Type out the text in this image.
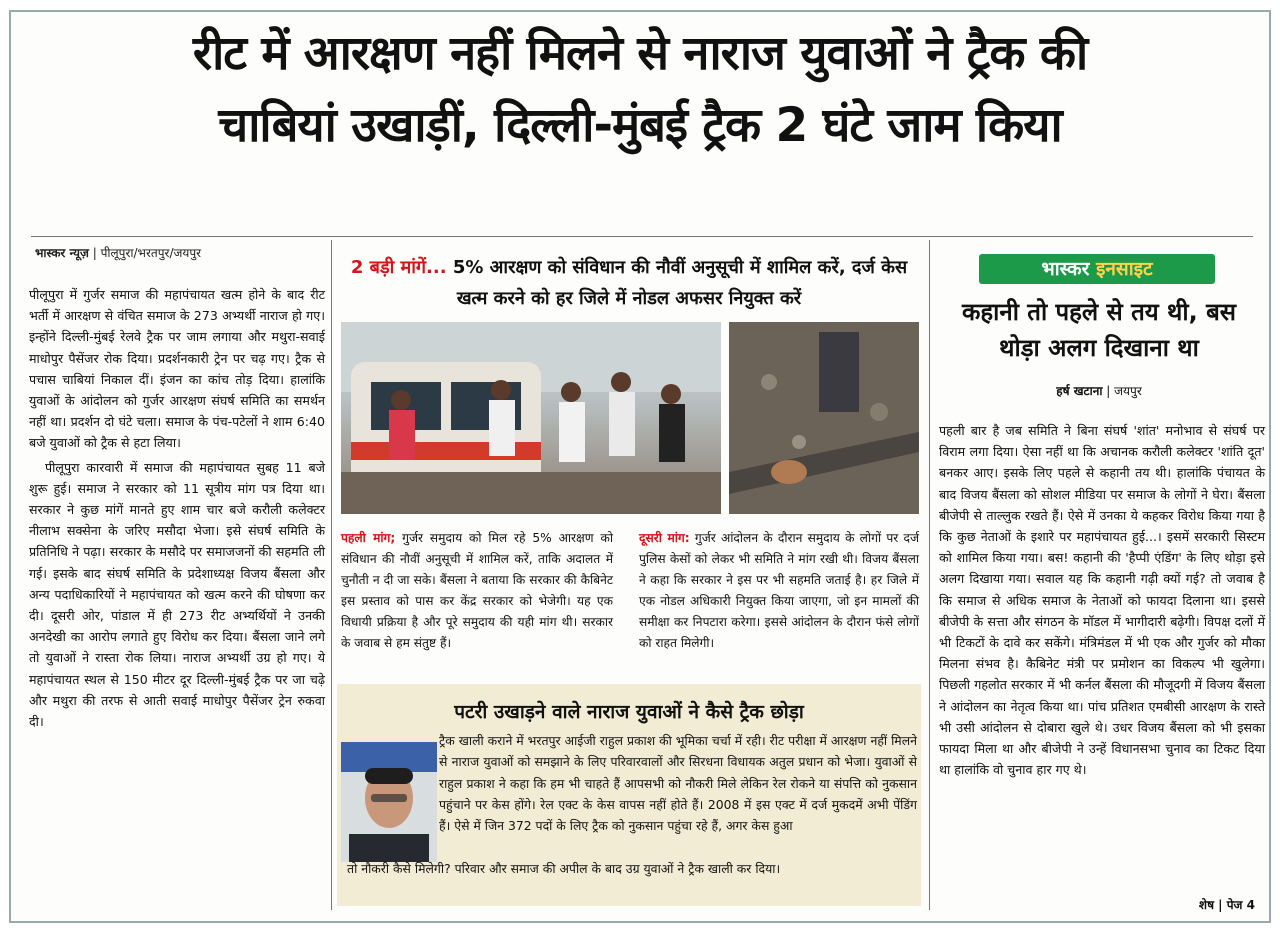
रीट में आरक्षण नहीं मिलने से नाराज युवाओं ने ट्रैक की
चाबियां उखाड़ीं, दिल्ली-मुंबई ट्रैक 2 घंटे जाम किया
भास्कर न्यूज़ | पीलूपुरा/भरतपुर/जयपुर

पीलूपुरा में गुर्जर समाज की महापंचायत खत्म होने के बाद रीट भर्ती में आरक्षण से वंचित समाज के 273 अभ्यर्थी नाराज हो गए। इन्होंने दिल्ली-मुंबई रेलवे ट्रैक पर जाम लगाया और मथुरा-सवाई माधोपुर पैसेंजर रोक दिया। प्रदर्शनकारी ट्रेन पर चढ़ गए। ट्रैक से पचास चाबियां निकाल दीं। इंजन का कांच तोड़ दिया। हालांकि युवाओं के आंदोलन को गुर्जर आरक्षण संघर्ष समिति का समर्थन नहीं था। प्रदर्शन दो घंटे चला। समाज के पंच-पटेलों ने शाम 6:40 बजे युवाओं को ट्रैक से हटा लिया।

पीलूपुरा कारवारी में समाज की महापंचायत सुबह 11 बजे शुरू हुई। समाज ने सरकार को 11 सूत्रीय मांग पत्र दिया था। सरकार ने कुछ मांगें मानते हुए शाम चार बजे करौली कलेक्टर नीलाभ सक्सेना के जरिए मसौदा भेजा। इसे संघर्ष समिति के प्रतिनिधि ने पढ़ा। सरकार के मसौदे पर समाजजनों की सहमति ली गई। इसके बाद संघर्ष समिति के प्रदेशाध्यक्ष विजय बैंसला और अन्य पदाधिकारियों ने महापंचायत को खत्म करने की घोषणा कर दी। दूसरी ओर, पांडाल में ही 273 रीट अभ्यर्थियों ने उनकी अनदेखी का आरोप लगाते हुए विरोध कर दिया। बैंसला जाने लगे तो युवाओं ने रास्ता रोक लिया। नाराज अभ्यर्थी उग्र हो गए। ये महापंचायत स्थल से 150 मीटर दूर दिल्ली-मुंबई ट्रैक पर जा चढ़े और मथुरा की तरफ से आती सवाई माधोपुर पैसेंजर ट्रेन रुकवा दी।

2 बड़ी मांगें... 5% आरक्षण को संविधान की नौवीं अनुसूची में शामिल करें, दर्ज केस खत्म करने को हर जिले में नोडल अफसर नियुक्त करें
पहली मांग; गुर्जर समुदाय को मिल रहे 5% आरक्षण को संविधान की नौवीं अनुसूची में शामिल करें, ताकि अदालत में चुनौती न दी जा सके। बैंसला ने बताया कि सरकार की कैबिनेट इस प्रस्ताव को पास कर केंद्र सरकार को भेजेगी। यह एक विधायी प्रक्रिया है और पूरे समुदाय की यही मांग थी। सरकार के जवाब से हम संतुष्ट हैं।
दूसरी मांग: गुर्जर आंदोलन के दौरान समुदाय के लोगों पर दर्ज पुलिस केसों को लेकर भी समिति ने मांग रखी थी। विजय बैंसला ने कहा कि सरकार ने इस पर भी सहमति जताई है। हर जिले में एक नोडल अधिकारी नियुक्त किया जाएगा, जो इन मामलों की समीक्षा कर निपटारा करेगा। इससे आंदोलन के दौरान फंसे लोगों को राहत मिलेगी।
पटरी उखाड़ने वाले नाराज युवाओं ने कैसे ट्रैक छोड़ा
ट्रैक खाली कराने में भरतपुर आईजी राहुल प्रकाश की भूमिका चर्चा में रही। रीट परीक्षा में आरक्षण नहीं मिलने से नाराज युवाओं को समझाने के लिए परिवारवालों और सिरधना विधायक अतुल प्रधान को भेजा। युवाओं से राहुल प्रकाश ने कहा कि हम भी चाहते हैं आपसभी को नौकरी मिले लेकिन रेल रोकने या संपत्ति को नुकसान पहुंचाने पर केस होंगे। रेल एक्ट के केस वापस नहीं होते हैं। 2008 में इस एक्ट में दर्ज मुकदमें अभी पेंडिंग हैं। ऐसे में जिन 372 पदों के लिए ट्रैक को नुकसान पहुंचा रहे हैं, अगर केस हुआ
तो नौकरी कैसे मिलेगी? परिवार और समाज की अपील के बाद उग्र युवाओं ने ट्रैक खाली कर दिया।
भास्कर इनसाइट
कहानी तो पहले से तय थी, बस थोड़ा अलग दिखाना था
हर्ष खटाना | जयपुर

पहली बार है जब समिति ने बिना संघर्ष 'शांत' मनोभाव से संघर्ष पर विराम लगा दिया। ऐसा नहीं था कि अचानक करौली कलेक्टर 'शांति दूत' बनकर आए। इसके लिए पहले से कहानी तय थी। हालांकि पंचायत के बाद विजय बैंसला को सोशल मीडिया पर समाज के लोगों ने घेरा। बैंसला बीजेपी से ताल्लुक रखते हैं। ऐसे में उनका ये कहकर विरोध किया गया है कि कुछ नेताओं के इशारे पर महापंचायत हुई...। इसमें सरकारी सिस्टम को शामिल किया गया। बस! कहानी की 'हैप्पी एंडिंग' के लिए थोड़ा इसे अलग दिखाया गया। सवाल यह कि कहानी गढ़ी क्यों गई? तो जवाब है कि समाज से अधिक समाज के नेताओं को फायदा दिलाना था। इससे बीजेपी के सत्ता और संगठन के मॉडल में भागीदारी बढ़ेगी। विपक्ष दलों में भी टिकटों के दावे कर सकेंगे। मंत्रिमंडल में भी एक और गुर्जर को मौका मिलना संभव है। कैबिनेट मंत्री पर प्रमोशन का विकल्प भी खुलेगा। पिछली गहलोत सरकार में भी कर्नल बैंसला की मौजूदगी में विजय बैंसला ने आंदोलन का नेतृत्व किया था। पांच प्रतिशत एमबीसी आरक्षण के रास्ते भी उसी आंदोलन से दोबारा खुले थे। उधर विजय बैंसला को भी इसका फायदा मिला था और बीजेपी ने उन्हें विधानसभा चुनाव का टिकट दिया था हालांकि वो चुनाव हार गए थे।

शेष | पेज 4
